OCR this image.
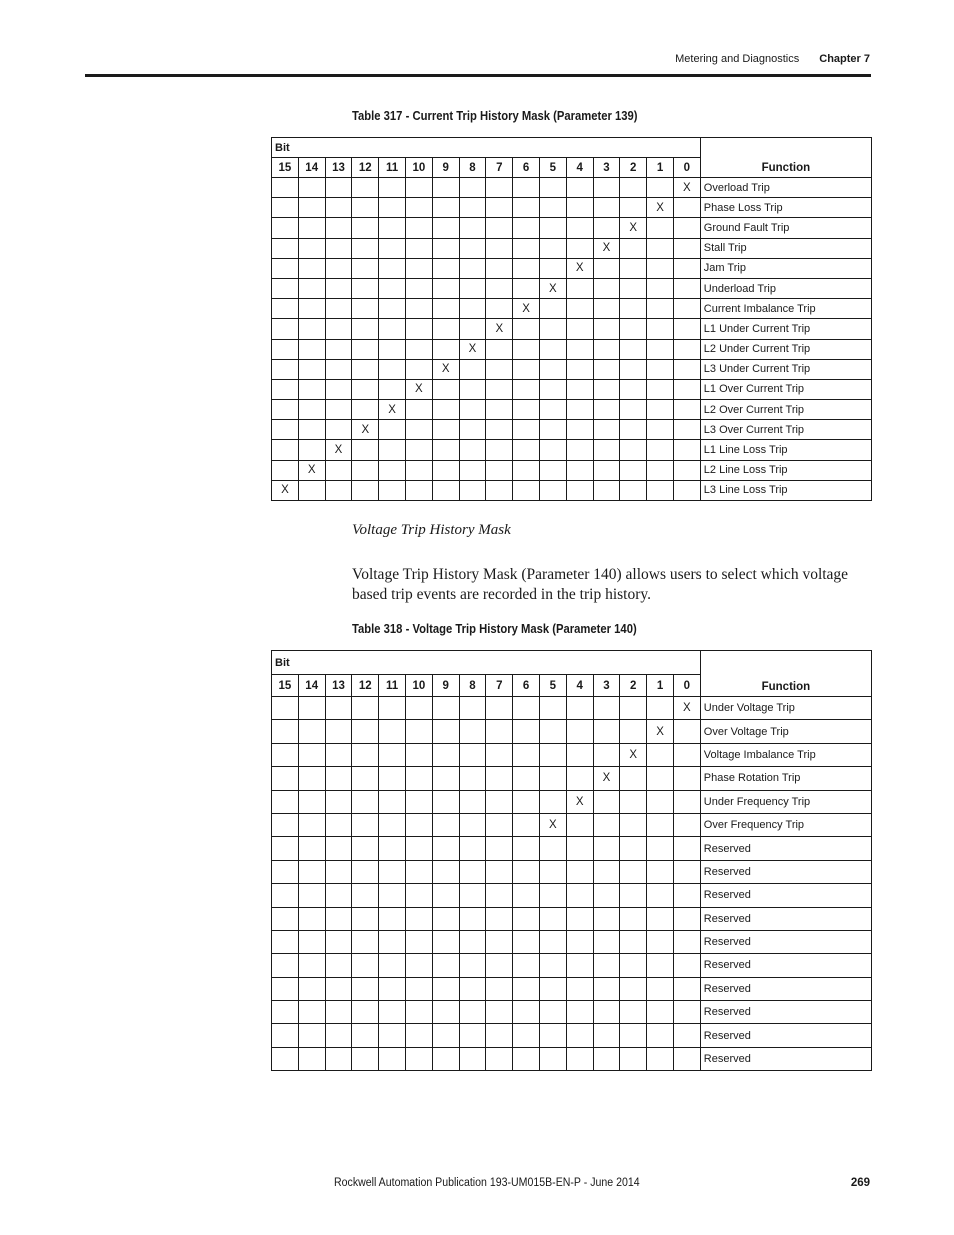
Metering and Diagnostics Chapter 7
Table 317 - Current Trip History Mask (Parameter 139)
Bit																Function
15	14	13	12	11	10	9	8	7	6	5	4	3	2	1	0	
															X	Overload Trip
														X		Phase Loss Trip
													X			Ground Fault Trip
												X				Stall Trip
											X					Jam Trip
										X						Underload Trip
									X							Current Imbalance Trip
								X								L1 Under Current Trip
							X									L2 Under Current Trip
						X										L3 Under Current Trip
					X											L1 Over Current Trip
				X												L2 Over Current Trip
			X													L3 Over Current Trip
		X														L1 Line Loss Trip
	X															L2 Line Loss Trip
X																L3 Line Loss Trip
Voltage Trip History Mask
Voltage Trip History Mask (Parameter 140) allows users to select which voltage based trip events are recorded in the trip history.
Table 318 - Voltage Trip History Mask (Parameter 140)
Bit																Function
15	14	13	12	11	10	9	8	7	6	5	4	3	2	1	0	
															X	Under Voltage Trip
														X		Over Voltage Trip
													X			Voltage Imbalance Trip
												X				Phase Rotation Trip
											X					Under Frequency Trip
										X						Over Frequency Trip
																Reserved
																Reserved
																Reserved
																Reserved
																Reserved
																Reserved
																Reserved
																Reserved
																Reserved
																Reserved
Rockwell Automation Publication 193-UM015B-EN-P - June 2014	269
